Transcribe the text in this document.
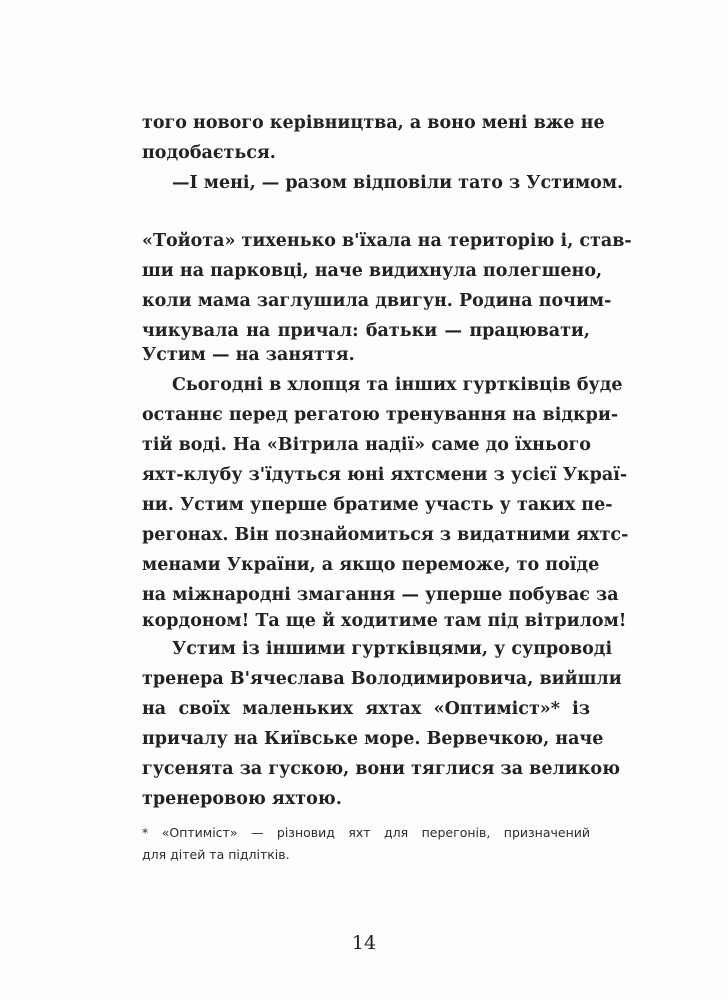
того нового керівництва, а воно мені вже не
подобається.
—І мені, — разом відповіли тато з Устимом.
«Тойота» тихенько в'їхала на територію і, став-
ши на парковці, наче видихнула полегшено,
коли мама заглушила двигун. Родина почим-
чикувала на причал: батьки — працювати,
Устим — на заняття.
Сьогодні в хлопця та інших гуртківців буде
останнє перед регатою тренування на відкри-
тій воді. На «Вітрила надії» саме до їхнього
яхт-клубу з'їдуться юні яхтсмени з усієї Украї-
ни. Устим уперше братиме участь у таких пе-
регонах. Він познайомиться з видатними яхтс-
менами України, а якщо переможе, то поїде
на міжнародні змагання — уперше побуває за
кордоном! Та ще й ходитиме там під вітрилом!
Устим із іншими гуртківцями, у супроводі
тренера В'ячеслава Володимировича, вийшли
на своїх маленьких яхтах «Оптиміст»* із
причалу на Київське море. Вервечкою, наче
гусенята за гускою, вони тяглися за великою
тренеровою яхтою.
* «Оптиміст» — різновид яхт для перегонів, призначений
для дітей та підлітків.
14
